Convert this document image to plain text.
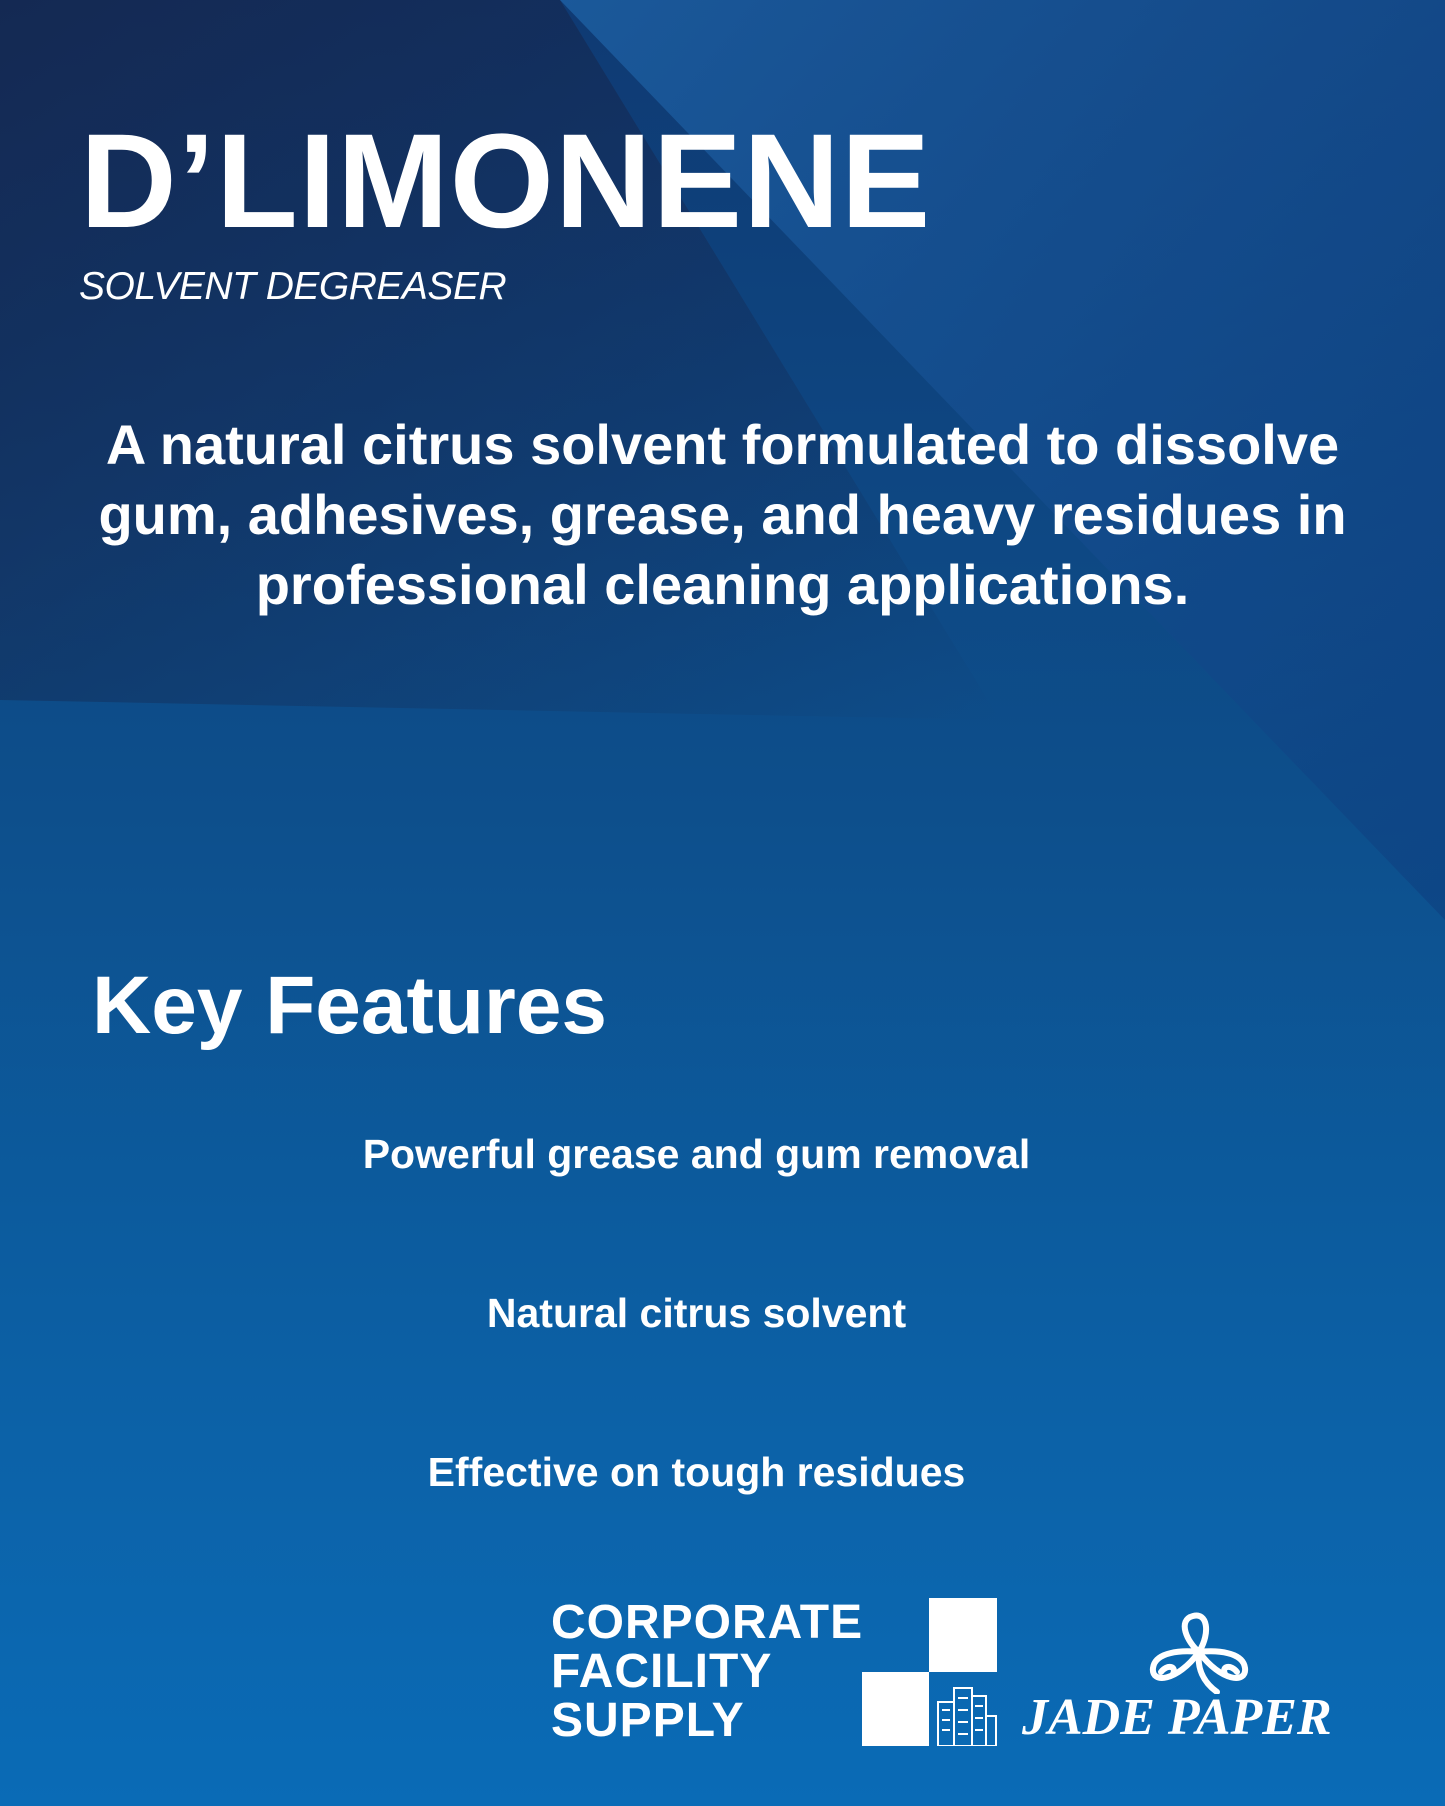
D’LIMONENE

SOLVENT DEGREASER

A natural citrus solvent formulated to dissolve gum, adhesives, grease, and heavy residues in professional cleaning applications.

Key Features
Powerful grease and gum removal
Natural citrus solvent
Effective on tough residues
CORPORATE
FACILITY
SUPPLY	JADE PAPER
